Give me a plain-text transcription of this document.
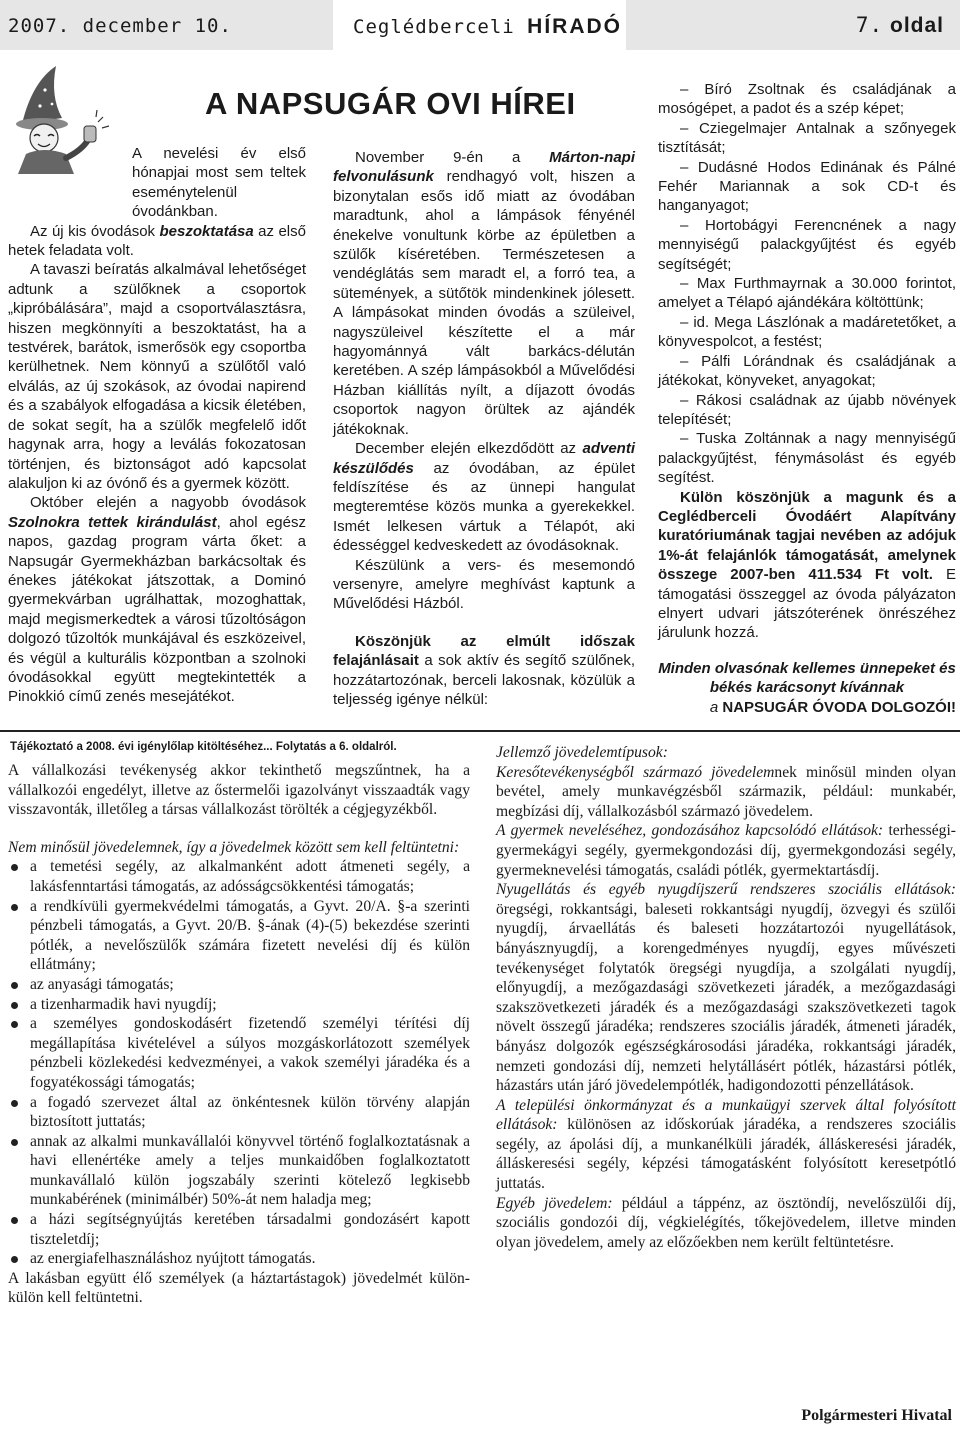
2007. december 10.	Ceglédberceli HÍRADÓ	7. oldal
A NAPSUGÁR OVI HÍREI

A nevelési év első hónapjai most sem teltek eseménytelenül óvodánkban.

Az új kis óvodások beszoktatása az első hetek feladata volt.

A tavaszi beíratás alkalmával lehetőséget adtunk a szülőknek a csoportok „kipróbálására”, majd a csoportválasztásra, hiszen megkönnyíti a beszoktatást, ha a testvérek, barátok, ismerősök egy csoportba kerülhetnek. Nem könnyű a szülőtől való elválás, az új szokások, az óvodai napirend és a szabályok elfogadása a kicsik életében, de sokat segít, ha a szülők megfelelő időt hagynak arra, hogy a leválás fokozatosan történjen, és biztonságot adó kapcsolat alakuljon ki az óvónő és a gyermek között.

Október elején a nagyobb óvodások Szolnokra tettek kirándulást, ahol egész napos, gazdag program várta őket: a Napsugár Gyermekházban barkácsoltak és énekes játékokat játszottak, a Dominó gyermekvárban ugrálhattak, mozoghattak, majd megismerkedtek a városi tűzoltóságon dolgozó tűzoltók munkájával és eszközeivel, és végül a kulturális központban a szolnoki óvodásokkal együtt megtekintették a Pinokkió című zenés mesejátékot.

November 9-én a Márton-napi felvonulásunk rendhagyó volt, hiszen a bizonytalan esős idő miatt az óvodában maradtunk, ahol a lámpások fényénél énekelve vonultunk körbe az épületben a szülők kíséretében. Természetesen a vendéglátás sem maradt el, a forró tea, a sütemények, a sütőtök mindenkinek jólesett. A lámpásokat minden óvodás a szüleivel, nagyszüleivel készítette el a már hagyománnyá vált barkács-délután keretében. A szép lámpásokból a Művelődési Házban kiállítás nyílt, a díjazott óvodás csoportok nagyon örültek az ajándék játékoknak.

December elején elkezdődött az adventi készülődés az óvodában, az épület feldíszítése és az ünnepi hangulat megteremtése közös munka a gyerekekkel. Ismét lelkesen vártuk a Télapót, aki édességgel kedveskedett az óvodásoknak.

Készülünk a vers- és mesemondó versenyre, amelyre meghívást kaptunk a Művelődési Házból.

Köszönjük az elmúlt időszak felajánlásait a sok aktív és segítő szülőnek, hozzátartozónak, berceli lakosnak, közülük a teljesség igénye nélkül:

– Bíró Zsoltnak és családjának a mosógépet, a padot és a szép képet;

– Cziegelmajer Antalnak a szőnyegek tisztítását;

– Dudásné Hodos Edinának és Pálné Fehér Mariannak a sok CD-t és hanganyagot;

– Hortobágyi Ferencnének a nagy mennyiségű palackgyűjtést és egyéb segítségét;

– Max Furthmayrnak a 30.000 forintot, amelyet a Télapó ajándékára költöttünk;

– id. Mega Lászlónak a madáretetőket, a könyvespolcot, a festést;

– Pálfi Lórándnak és családjának a játékokat, könyveket, anyagokat;

– Rákosi családnak az újabb növények telepítését;

– Tuska Zoltánnak a nagy mennyiségű palackgyűjtést, fénymásolást és egyéb segítést.

Külön köszönjük a magunk és a Ceglédberceli Óvodáért Alapítvány kuratóriumának tagjai nevében az adójuk 1%-át felajánlók támogatását, amelynek összege 2007-ben 411.534 Ft volt. E támogatási összeggel az óvoda pályázaton elnyert udvari játszóterének önrészéhez járulunk hozzá.

Minden olvasónak kellemes ünnepeket és békés karácsonyt kívánnak

a NAPSUGÁR ÓVODA DOLGOZÓI!

Tájékoztató a 2008. évi igénylőlap kitöltéséhez... Folytatás a 6. oldalról.

A vállalkozási tevékenység akkor tekinthető megszűntnek, ha a vállalkozói engedélyt, illetve az őstermelői igazolványt visszaadták vagy visszavonták, illetőleg a társas vállalkozást törölték a cégjegyzékből.

Nem minősül jövedelemnek, így a jövedelmek között sem kell feltüntetni:

a temetési segély, az alkalmanként adott átmeneti segély, a lakásfenntartási támogatás, az adósságcsökkentési támogatás;
a rendkívüli gyermekvédelmi támogatás, a Gyvt. 20/A. §-a szerinti pénzbeli támogatás, a Gyvt. 20/B. §-ának (4)-(5) bekezdése szerinti pótlék, a nevelőszülők számára fizetett nevelési díj és külön ellátmány;
az anyasági támogatás;
a tizenharmadik havi nyugdíj;
a személyes gondoskodásért fizetendő személyi térítési díj megállapítása kivételével a súlyos mozgáskorlátozott személyek pénzbeli közlekedési kedvezményei, a vakok személyi járadéka és a fogyatékossági támogatás;
a fogadó szervezet által az önkéntesnek külön törvény alapján biztosított juttatás;
annak az alkalmi munkavállalói könyvvel történő foglalkoztatásnak a havi ellenértéke amely a teljes munkaidőben foglalkoztatott munkavállaló külön jogszabály szerinti kötelező legkisebb munkabérének (minimálbér) 50%-át nem haladja meg;
a házi segítségnyújtás keretében társadalmi gondozásért kapott tiszteletdíj;
az energiafelhasználáshoz nyújtott támogatás.

A lakásban együtt élő személyek (a háztartástagok) jövedelmét külön-külön kell feltüntetni.

Jellemző jövedelemtípusok:

Keresőtevékenységből származó jövedelemnek minősül minden olyan bevétel, amely munkavégzésből származik, például: munkabér, megbízási díj, vállalkozásból származó jövedelem.

A gyermek neveléséhez, gondozásához kapcsolódó ellátások: terhességi-gyermekágyi segély, gyermekgondozási díj, gyermekgondozási segély, gyermeknevelési támogatás, családi pótlék, gyermektartásdíj.

Nyugellátás és egyéb nyugdíjszerű rendszeres szociális ellátások: öregségi, rokkantsági, baleseti rokkantsági nyugdíj, özvegyi és szülői nyugdíj, árvaellátás és baleseti hozzátartozói nyugellátások, bányásznyugdíj, a korengedményes nyugdíj, egyes művészeti tevékenységet folytatók öregségi nyugdíja, a szolgálati nyugdíj, előnyugdíj, a mezőgazdasági szövetkezeti járadék, a mezőgazdasági szakszövetkezeti járadék és a mezőgazdasági szakszövetkezeti tagok növelt összegű járadéka; rendszeres szociális járadék, átmeneti járadék, bányász dolgozók egészségkárosodási járadéka, rokkantsági járadék, nemzeti gondozási díj, nemzeti helytállásért pótlék, házastársi pótlék, házastárs után járó jövedelempótlék, hadigondozotti pénzellátások.

A települési önkormányzat és a munkaügyi szervek által folyósított ellátások: különösen az időskorúak járadéka, a rendszeres szociális segély, az ápolási díj, a munkanélküli járadék, álláskeresési járadék, álláskeresési segély, képzési támogatásként folyósított keresetpótló juttatás.

Egyéb jövedelem: például a táppénz, az ösztöndíj, nevelőszülői díj, szociális gondozói díj, végkielégítés, tőkejövedelem, illetve minden olyan jövedelem, amely az előzőekben nem került feltüntetésre.

Polgármesteri Hivatal
